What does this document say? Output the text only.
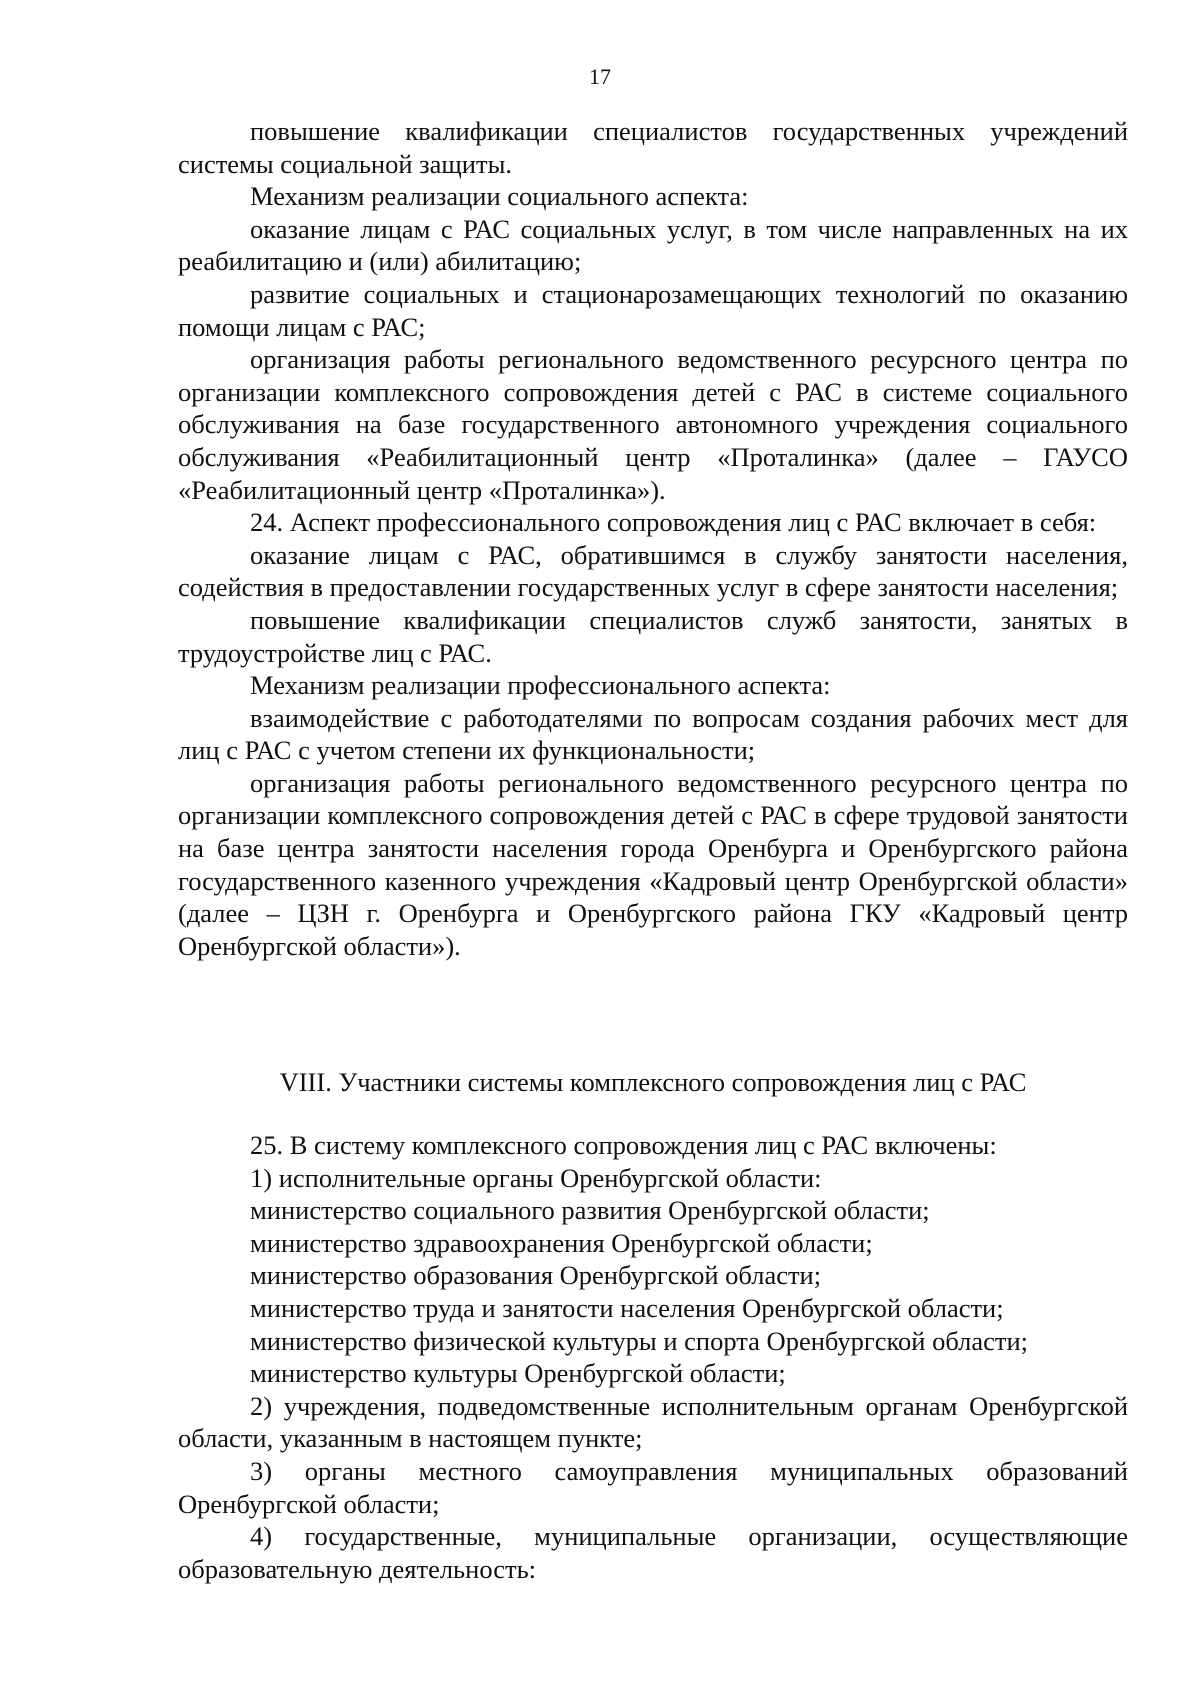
17

повышение квалификации специалистов государственных учреждений системы социальной защиты.

Механизм реализации социального аспекта:

оказание лицам с РАС социальных услуг, в том числе направленных на их реабилитацию и (или) абилитацию;

развитие социальных и стационарозамещающих технологий по оказанию помощи лицам с РАС;

организация работы регионального ведомственного ресурсного центра по организации комплексного сопровождения детей с РАС в системе социального обслуживания на базе государственного автономного учреждения социального обслуживания «Реабилитационный центр «Проталинка» (далее – ГАУСО «Реабилитационный центр «Проталинка»).

24. Аспект профессионального сопровождения лиц с РАС включает в себя:

оказание лицам с РАС, обратившимся в службу занятости населения, содействия в предоставлении государственных услуг в сфере занятости населения;

повышение квалификации специалистов служб занятости, занятых в трудоустройстве лиц с РАС.

Механизм реализации профессионального аспекта:

взаимодействие с работодателями по вопросам создания рабочих мест для лиц с РАС с учетом степени их функциональности;

организация работы регионального ведомственного ресурсного центра по организации комплексного сопровождения детей с РАС в сфере трудовой занятости на базе центра занятости населения города Оренбурга и Оренбургского района государственного казенного учреждения «Кадровый центр Оренбургской области» (далее – ЦЗН г. Оренбурга и Оренбургского района ГКУ «Кадровый центр Оренбургской области»).

VIII. Участники системы комплексного сопровождения лиц с РАС

25. В систему комплексного сопровождения лиц с РАС включены:

1) исполнительные органы Оренбургской области:

министерство социального развития Оренбургской области;

министерство здравоохранения Оренбургской области;

министерство образования Оренбургской области;

министерство труда и занятости населения Оренбургской области;

министерство физической культуры и спорта Оренбургской области;

министерство культуры Оренбургской области;

2) учреждения, подведомственные исполнительным органам Оренбургской области, указанным в настоящем пункте;

3) органы местного самоуправления муниципальных образований Оренбургской области;

4) государственные, муниципальные организации, осуществляющие образовательную деятельность:
